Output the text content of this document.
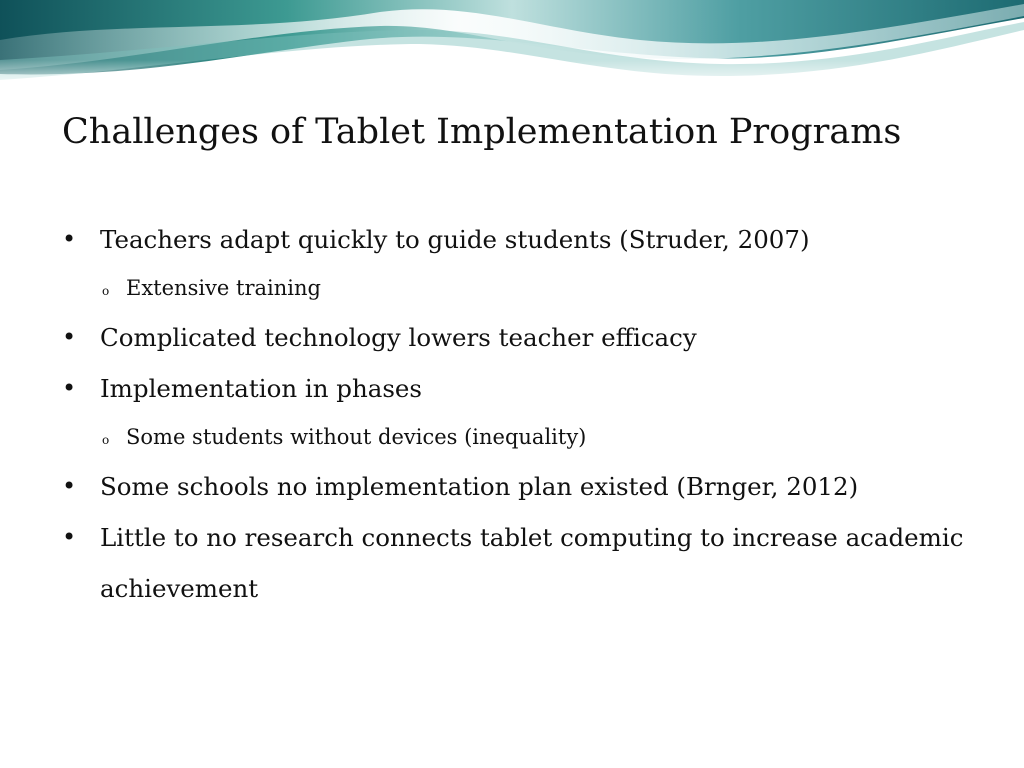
Challenges of Tablet Implementation Programs
• Teachers adapt quickly to guide students (Struder, 2007)
o Extensive training
• Complicated technology lowers teacher efficacy
• Implementation in phases
o Some students without devices (inequality)
• Some schools no implementation plan existed (Brnger, 2012)
• Little to no research connects tablet computing to increase academic achievement
